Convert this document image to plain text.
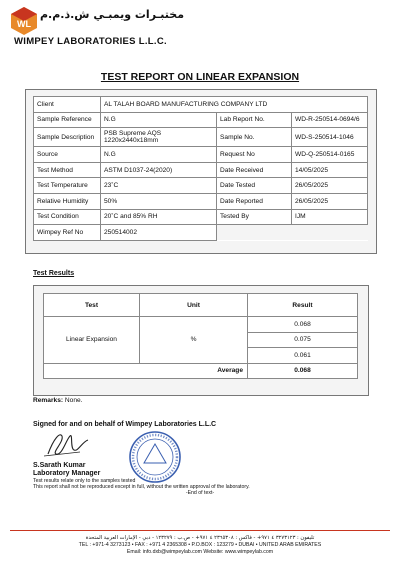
WL
مختبـرات ويمبـي ش.ذ.م.م
WIMPEY LABORATORIES L.L.C.
TEST REPORT ON LINEAR EXPANSION
Client	AL TALAH BOARD MANUFACTURING COMPANY LTD		
Sample Reference	N.G	Lab Report No.	WD-R-250514-0694/6
Sample Description	PSB Supreme AQS
1220x2440x18mm	Sample No.	WD-S-250514-1046
Source	N.G	Request No	WD-Q-250514-0165
Test Method	ASTM D1037-24(2020)	Date Received	14/05/2025
Test Temperature	23˚C	Date Tested	26/05/2025
Relative Humidity	50%	Date Reported	26/05/2025
Test Condition	20˚C and 85% RH	Tested By	IJM
Wimpey Ref No	250514002		
Test Results
Test	Unit	Result
Linear Expansion	%	0.068
		0.075
		0.061
Average		0.068
Remarks: None.
Signed for and on behalf of Wimpey Laboratories L.L.C
S.Sarath Kumar
Laboratory Manager
Test results relate only to the samples tested
This report shall not be reproduced except in full, without the written approval of the laboratory.
-End of text-
تليفون : ٣٢٧٣١٢٣ ٤ ٩٧١+ - فاكس : ٢٣٦٥٣٠٨ ٤ ٩٧١+ - ص.ب : ١٢٣٢٧٩ - دبي - الإمارات العربية المتحدة
TEL : +971-4 3273123 • FAX : +971 4 2365308 • P.O.BOX : 123279 • DUBAI • UNITED ARAB EMIRATES
Email: info.dxb@wimpeylab.com Website: www.wimpeylab.com
